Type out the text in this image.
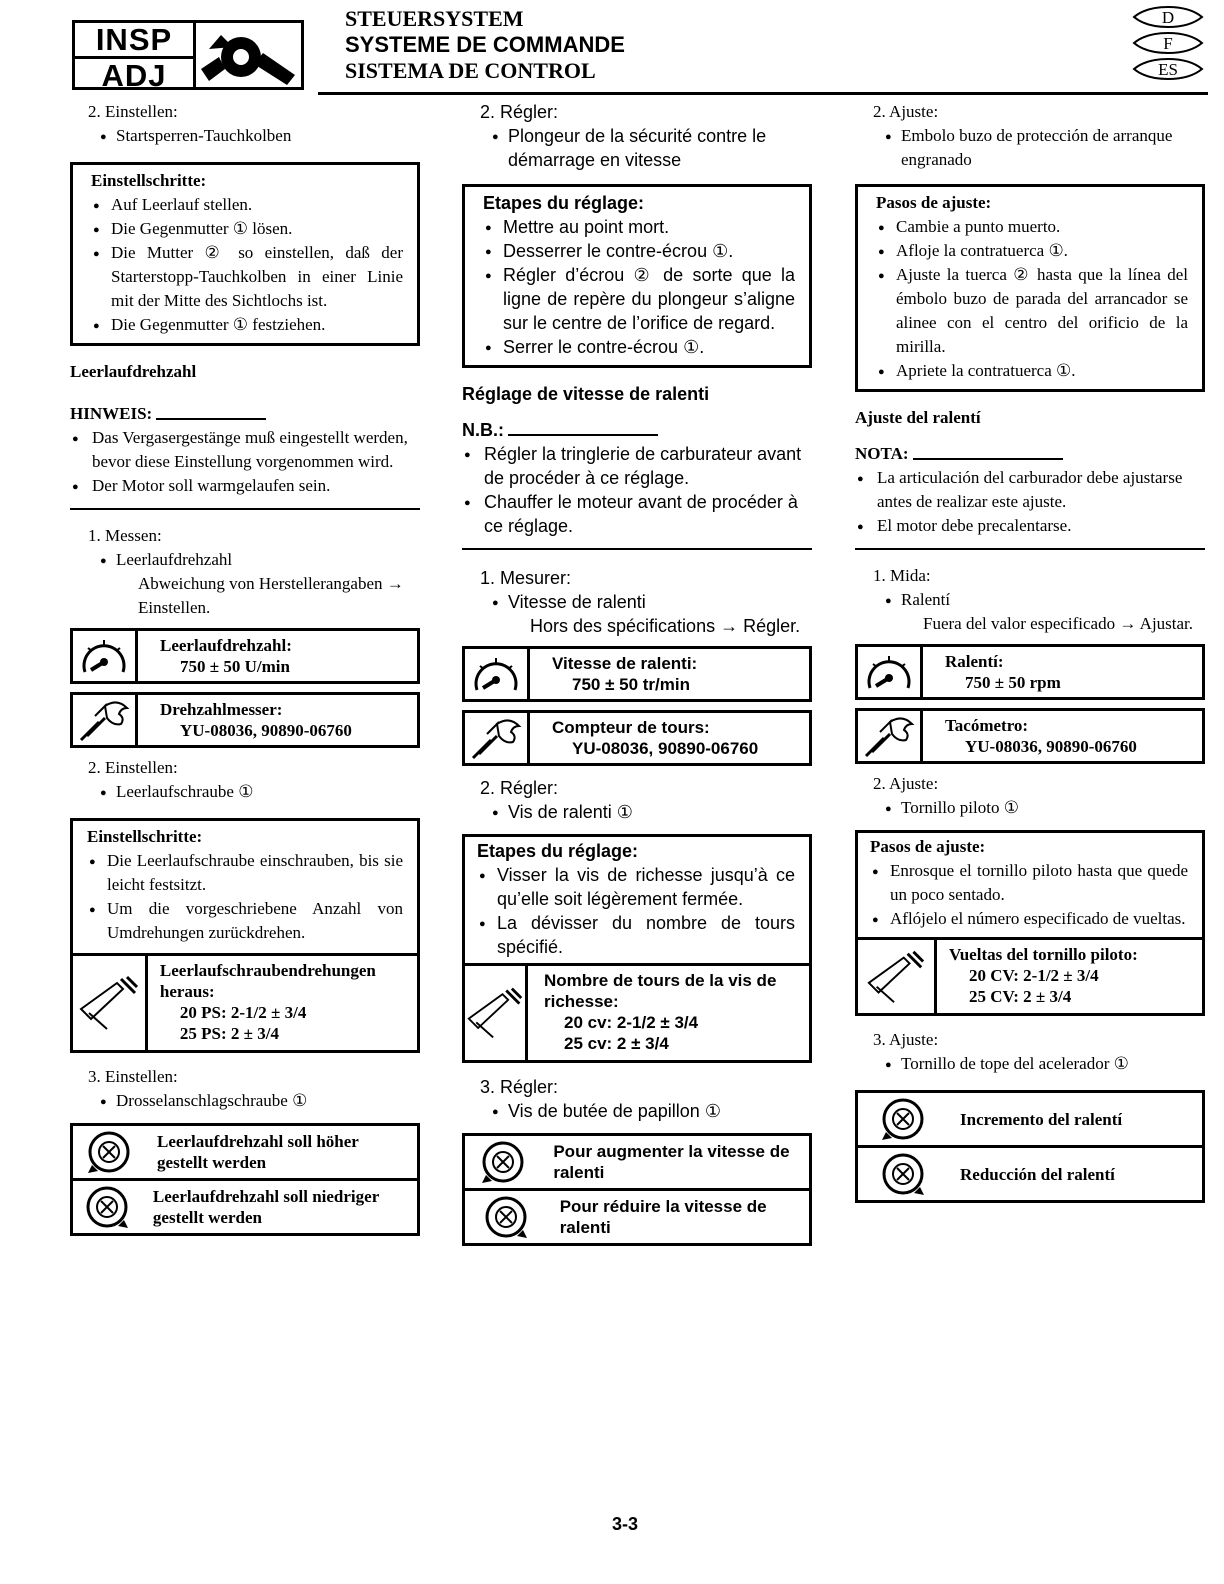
INSP
ADJ
STEUERSYSTEM
SYSTEME DE COMMANDE
SISTEMA DE CONTROL
D
F
ES
2. Einstellen:
● Startsperren-Tauchkolben
Einstellschritte:
● Auf Leerlauf stellen.
● Die Gegenmutter ① lösen.
● Die Mutter ② so einstellen, daß der Starterstopp-Tauchkolben in einer Linie mit der Mitte des Sichtlochs ist.
● Die Gegenmutter ① festziehen.
Leerlaufdrehzahl
HINWEIS:
● Das Vergasergestänge muß eingestellt werden, bevor diese Einstellung vorgenommen wird.
● Der Motor soll warmgelaufen sein.
1. Messen:
● Leerlaufdrehzahl
Abweichung von Herstellerangaben → Einstellen.
Leerlaufdrehzahl:
750 ± 50 U/min
Drehzahlmesser:
YU-08036, 90890-06760
2. Einstellen:
● Leerlaufschraube ①
Einstellschritte:
● Die Leerlaufschraube einschrauben, bis sie leicht festsitzt.
● Um die vorgeschriebene Anzahl von Umdrehungen zurückdrehen.
Leerlaufschraubendrehungen heraus:
20 PS: 2-1/2 ± 3/4
25 PS: 2 ± 3/4
3. Einstellen:
● Drosselanschlagschraube ①
Leerlaufdrehzahl soll höher gestellt werden
Leerlaufdrehzahl soll niedriger gestellt werden
2. Régler:
● Plongeur de la sécurité contre le démarrage en vitesse
Etapes du réglage:
● Mettre au point mort.
● Desserrer le contre-écrou ①.
● Régler d’écrou ② de sorte que la ligne de repère du plongeur s’aligne sur le centre de l’orifice de regard.
● Serrer le contre-écrou ①.
Réglage de vitesse de ralenti
N.B.:
● Régler la tringlerie de carburateur avant de procéder à ce réglage.
● Chauffer le moteur avant de procéder à ce réglage.
1. Mesurer:
● Vitesse de ralenti
Hors des spécifications → Régler.
Vitesse de ralenti:
750 ± 50 tr/min
Compteur de tours:
YU-08036, 90890-06760
2. Régler:
● Vis de ralenti ①
Etapes du réglage:
● Visser la vis de richesse jusqu’à ce qu’elle soit légèrement fermée.
● La dévisser du nombre de tours spécifié.
Nombre de tours de la vis de richesse:
20 cv: 2-1/2 ± 3/4
25 cv: 2 ± 3/4
3. Régler:
● Vis de butée de papillon ①
Pour augmenter la vitesse de ralenti
Pour réduire la vitesse de ralenti
2. Ajuste:
● Embolo buzo de protección de arranque engranado
Pasos de ajuste:
● Cambie a punto muerto.
● Afloje la contratuerca ①.
● Ajuste la tuerca ② hasta que la línea del émbolo buzo de parada del arrancador se alinee con el centro del orificio de la mirilla.
● Apriete la contratuerca ①.
Ajuste del ralentí
NOTA:
● La articulación del carburador debe ajustarse antes de realizar este ajuste.
● El motor debe precalentarse.
1. Mida:
● Ralentí
Fuera del valor especificado → Ajustar.
Ralentí:
750 ± 50 rpm
Tacómetro:
YU-08036, 90890-06760
2. Ajuste:
● Tornillo piloto ①
Pasos de ajuste:
● Enrosque el tornillo piloto hasta que quede un poco sentado.
● Aflójelo el número especificado de vueltas.
Vueltas del tornillo piloto:
20 CV: 2-1/2 ± 3/4
25 CV: 2 ± 3/4
3. Ajuste:
● Tornillo de tope del acelerador ①
Incremento del ralentí
Reducción del ralentí
3-3
